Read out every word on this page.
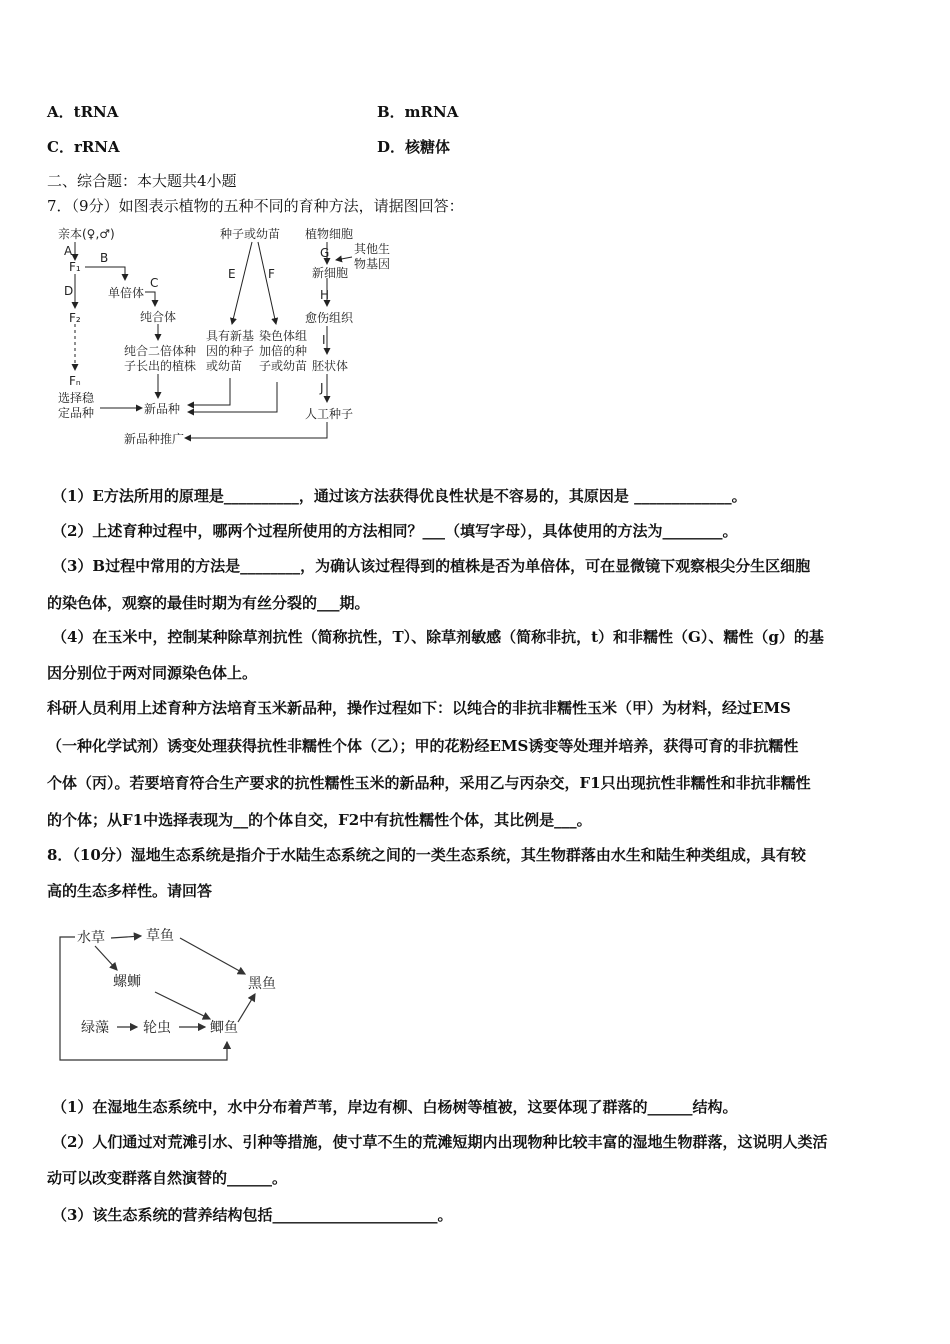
A．tRNA	B．mRNA
C．rRNA	D．核糖体
二、综合题：本大题共4小题
7．（9分）如图表示植物的五种不同的育种方法，请据图回答：
亲本(♀,♂)
A
F₁
B
D	单倍体
C
F₂	纯合体
纯合二倍体种
子长出的植株
Fₙ
选择稳
定品种	新品种
新品种推广
种子或幼苗
E	F
具有新基
因的种子
或幼苗
染色体组
加倍的种
子或幼苗
植物细胞
G 其他生
物基因
新细胞
H
愈伤组织
I
胚状体
J
人工种子
（1）E方法所用的原理是__________，通过该方法获得优良性状是不容易的，其原因是 _____________。
（2）上述育种过程中，哪两个过程所使用的方法相同？___（填写字母），具体使用的方法为________。
（3）B过程中常用的方法是________，为确认该过程得到的植株是否为单倍体，可在显微镜下观察根尖分生区细胞
的染色体，观察的最佳时期为有丝分裂的___期。
（4）在玉米中，控制某种除草剂抗性（简称抗性，T）、除草剂敏感（简称非抗，t）和非糯性（G）、糯性（g）的基
因分别位于两对同源染色体上。
科研人员利用上述育种方法培育玉米新品种，操作过程如下：以纯合的非抗非糯性玉米（甲）为材料，经过EMS
（一种化学试剂）诱变处理获得抗性非糯性个体（乙）；甲的花粉经EMS诱变等处理并培养，获得可育的非抗糯性
个体（丙）。若要培育符合生产要求的抗性糯性玉米的新品种，采用乙与丙杂交，F1只出现抗性非糯性和非抗非糯性
的个体；从F1中选择表现为__的个体自交，F2中有抗性糯性个体，其比例是___。
8．（10分）湿地生态系统是指介于水陆生态系统之间的一类生态系统，其生物群落由水生和陆生种类组成，具有较
高的生态多样性。请回答
水草	草鱼
螺蛳	黑鱼
绿藻 轮虫	鲫鱼
（1）在湿地生态系统中，水中分布着芦苇，岸边有柳、白杨树等植被，这要体现了群落的______结构。
（2）人们通过对荒滩引水、引种等措施，使寸草不生的荒滩短期内出现物种比较丰富的湿地生物群落，这说明人类活
动可以改变群落自然演替的______。
（3）该生态系统的营养结构包括______________________。
